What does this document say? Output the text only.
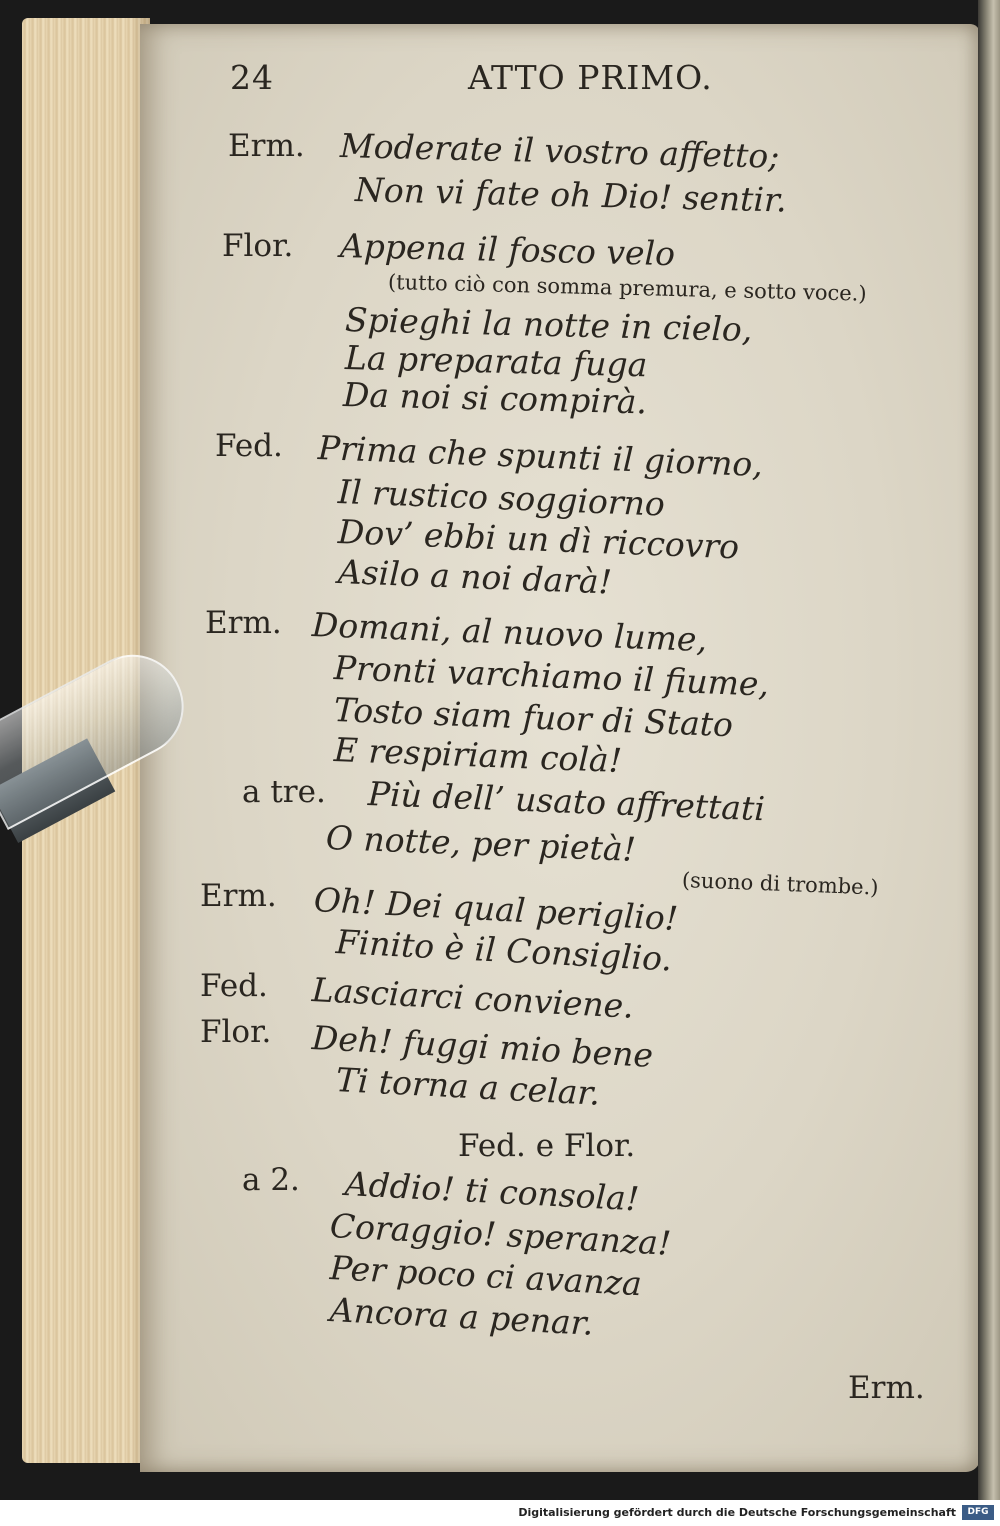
24	ATTO PRIMO.
Erm. Moderate il vostro affetto;
Non vi fate oh Dio! sentir.
Flor. Appena il fosco velo
(tutto ciò con somma premura, e sotto voce.)
Spieghi la notte in cielo,
La preparata fuga
Da noi si compirà.
Fed. Prima che spunti il giorno,
Il rustico soggiorno
Dov’ ebbi un dì riccovro
Asilo a noi darà!
Erm. Domani, al nuovo lume,
Pronti varchiamo il fiume,
Tosto siam fuor di Stato
E respiriam colà!
a tre. Più dell’ usato affrettati
O notte, per pietà!
(suono di trombe.)
Erm. Oh! Dei qual periglio!
Finito è il Consiglio.
Fed. Lasciarci conviene.
Flor. Deh! fuggi mio bene
Ti torna a celar.
Fed. e Flor.
a 2. Addio! ti consola!
Coraggio! speranza!
Per poco ci avanza
Ancora a penar.
Erm.
Digitalisierung gefördert durch die Deutsche Forschungsgemeinschaft	DFG
